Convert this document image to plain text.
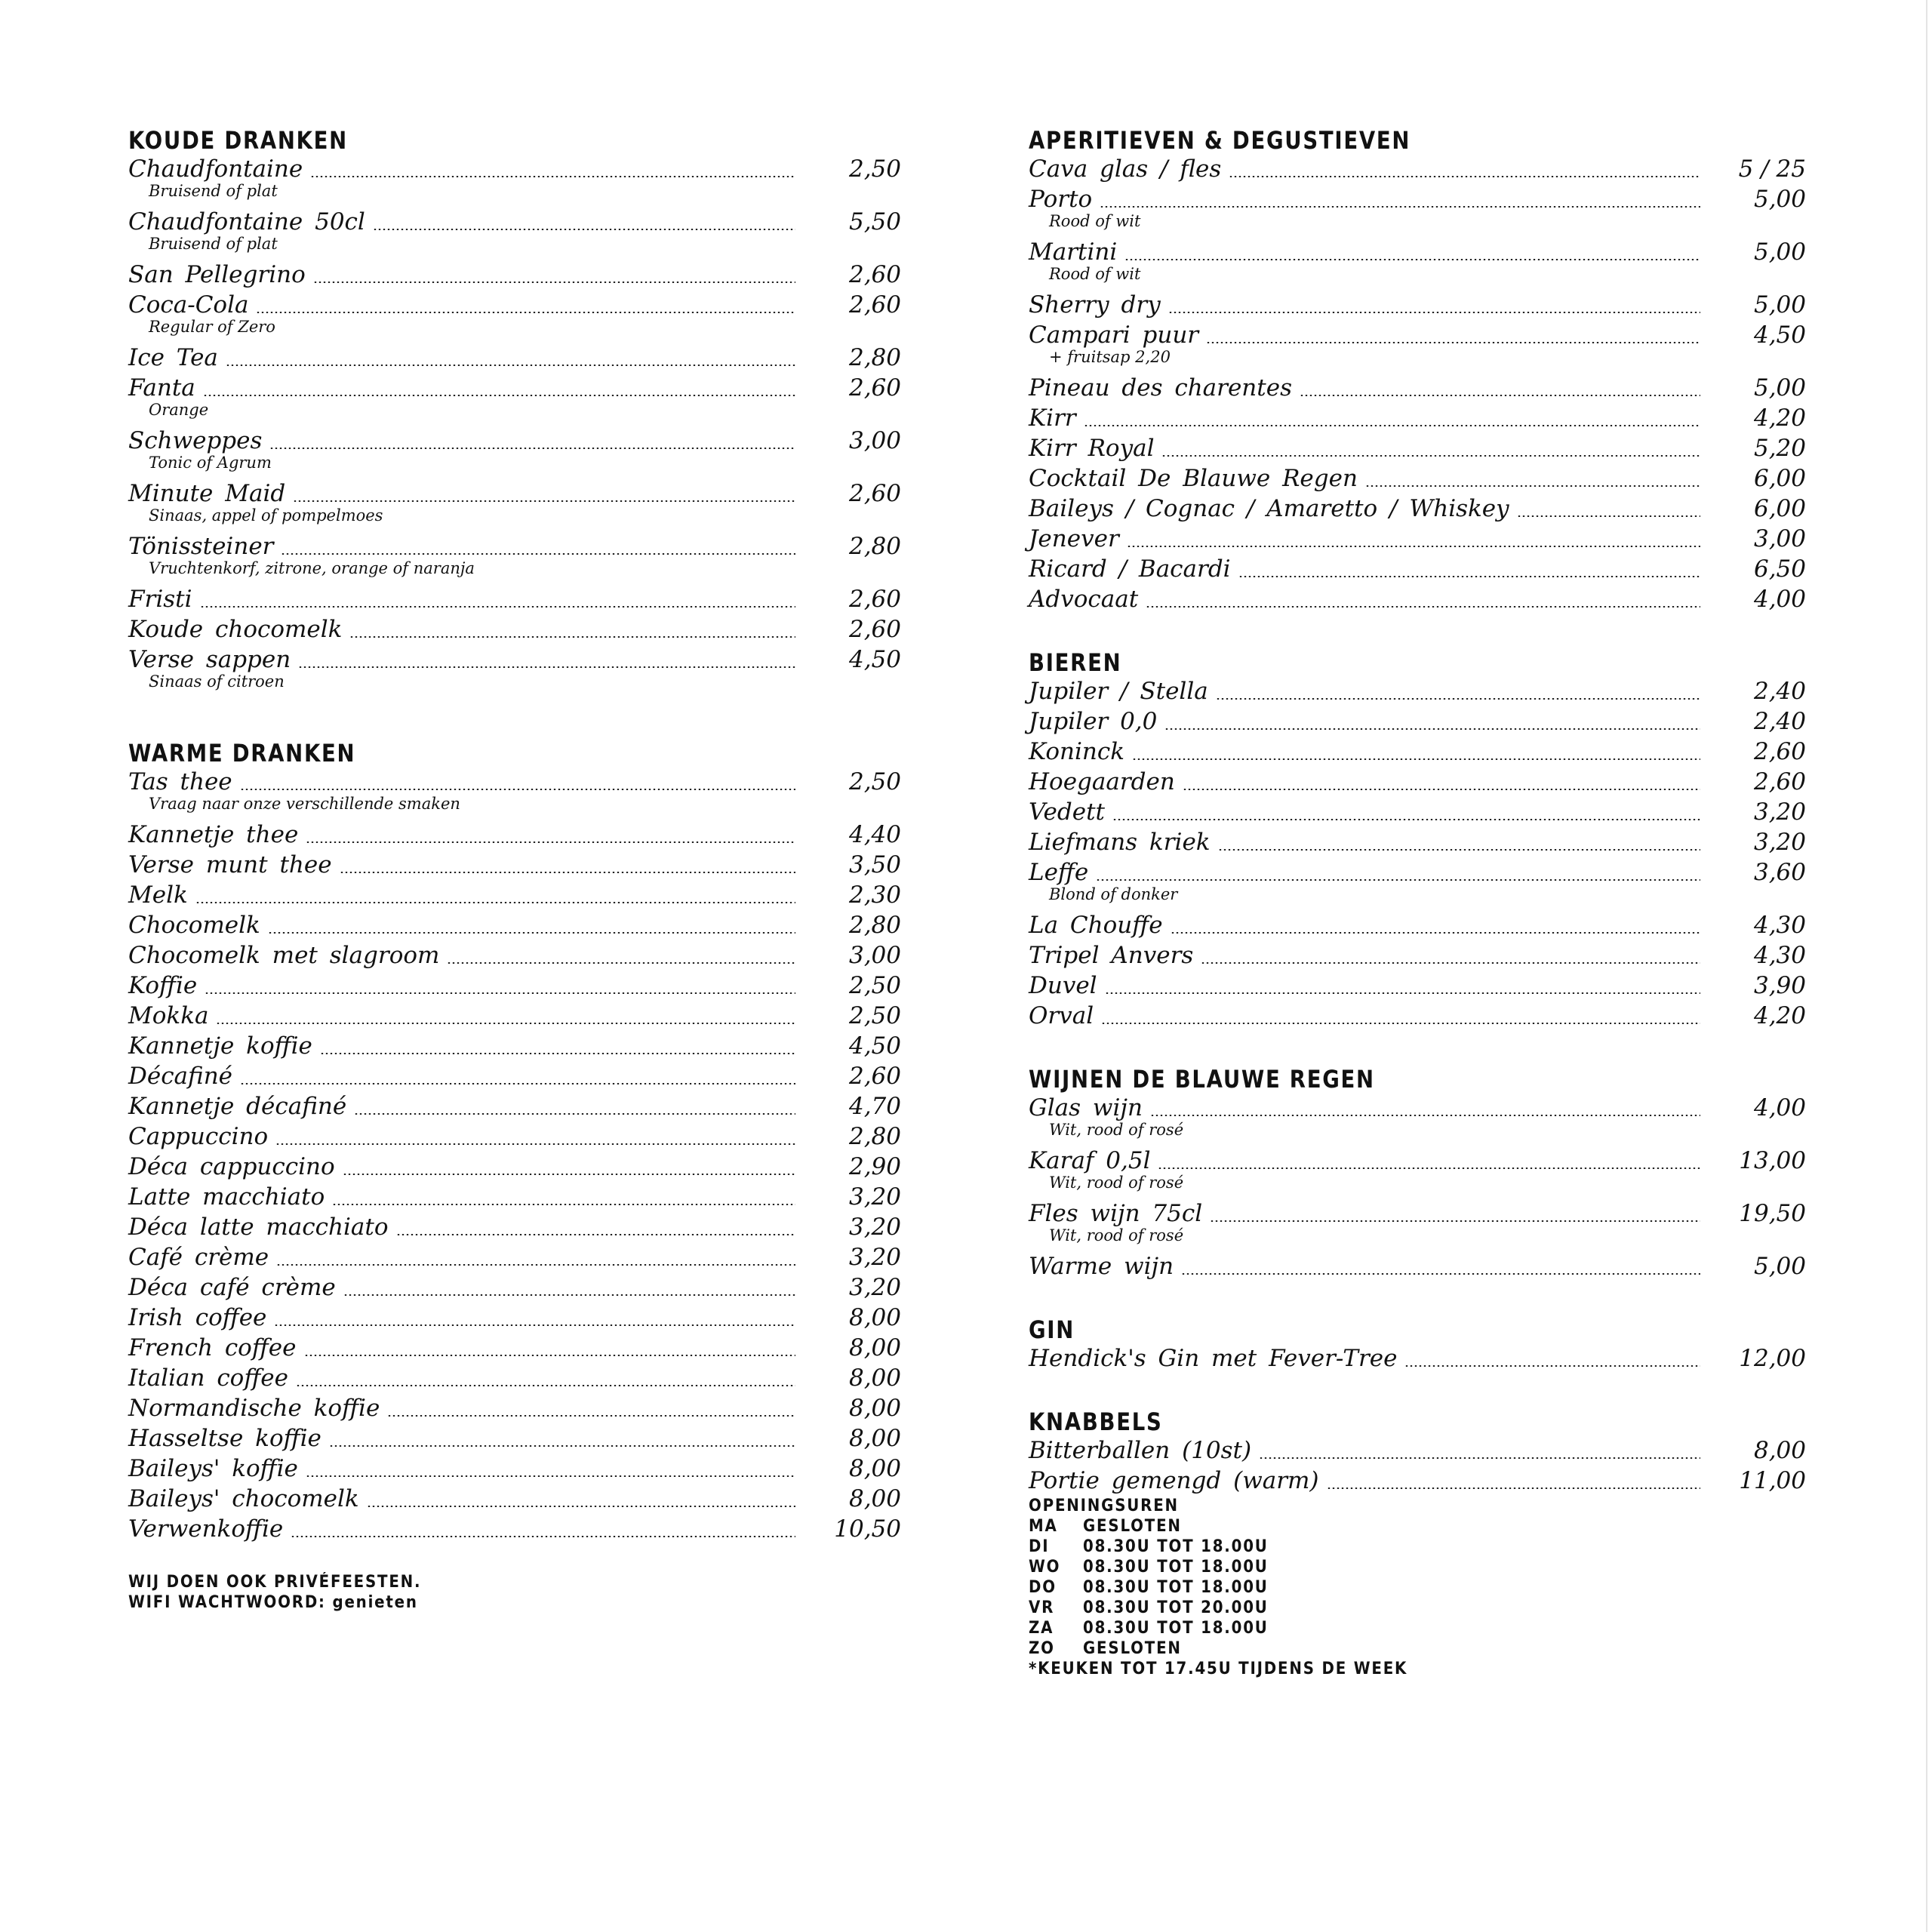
KOUDE DRANKEN
Chaudfontaine	2,50
Bruisend of plat
Chaudfontaine 50cl	5,50
Bruisend of plat
San Pellegrino	2,60
Coca-Cola	2,60
Regular of Zero
Ice Tea	2,80
Fanta	2,60
Orange
Schweppes	3,00
Tonic of Agrum
Minute Maid	2,60
Sinaas, appel of pompelmoes
Tönissteiner	2,80
Vruchtenkorf, zitrone, orange of naranja
Fristi	2,60
Koude chocomelk	2,60
Verse sappen	4,50
Sinaas of citroen
WARME DRANKEN
Tas thee	2,50
Vraag naar onze verschillende smaken
Kannetje thee	4,40
Verse munt thee	3,50
Melk	2,30
Chocomelk	2,80
Chocomelk met slagroom	3,00
Koffie	2,50
Mokka	2,50
Kannetje koffie	4,50
Décafiné	2,60
Kannetje décafiné	4,70
Cappuccino	2,80
Déca cappuccino	2,90
Latte macchiato	3,20
Déca latte macchiato	3,20
Café crème	3,20
Déca café crème	3,20
Irish coffee	8,00
French coffee	8,00
Italian coffee	8,00
Normandische koffie	8,00
Hasseltse koffie	8,00
Baileys' koffie	8,00
Baileys' chocomelk	8,00
Verwenkoffie	10,50
WIJ DOEN OOK PRIVÉFEESTEN.
WIFI WACHTWOORD: genieten
APERITIEVEN & DEGUSTIEVEN
Cava glas / fles	5 / 25
Porto	5,00
Rood of wit
Martini	5,00
Rood of wit
Sherry dry	5,00
Campari puur	4,50
+ fruitsap 2,20
Pineau des charentes	5,00
Kirr	4,20
Kirr Royal	5,20
Cocktail De Blauwe Regen	6,00
Baileys / Cognac / Amaretto / Whiskey	6,00
Jenever	3,00
Ricard / Bacardi	6,50
Advocaat	4,00
BIEREN
Jupiler / Stella	2,40
Jupiler 0,0	2,40
Koninck	2,60
Hoegaarden	2,60
Vedett	3,20
Liefmans kriek	3,20
Leffe	3,60
Blond of donker
La Chouffe	4,30
Tripel Anvers	4,30
Duvel	3,90
Orval	4,20
WIJNEN DE BLAUWE REGEN
Glas wijn	4,00
Wit, rood of rosé
Karaf 0,5l	13,00
Wit, rood of rosé
Fles wijn 75cl	19,50
Wit, rood of rosé
Warme wijn	5,00
GIN
Hendick's Gin met Fever-Tree	12,00
KNABBELS
Bitterballen (10st)	8,00
Portie gemengd (warm)	11,00
OPENINGSUREN
MA	GESLOTEN
DI	08.30U TOT 18.00U
WO	08.30U TOT 18.00U
DO	08.30U TOT 18.00U
VR	08.30U TOT 20.00U
ZA	08.30U TOT 18.00U
ZO	GESLOTEN
*KEUKEN TOT 17.45U TIJDENS DE WEEK
